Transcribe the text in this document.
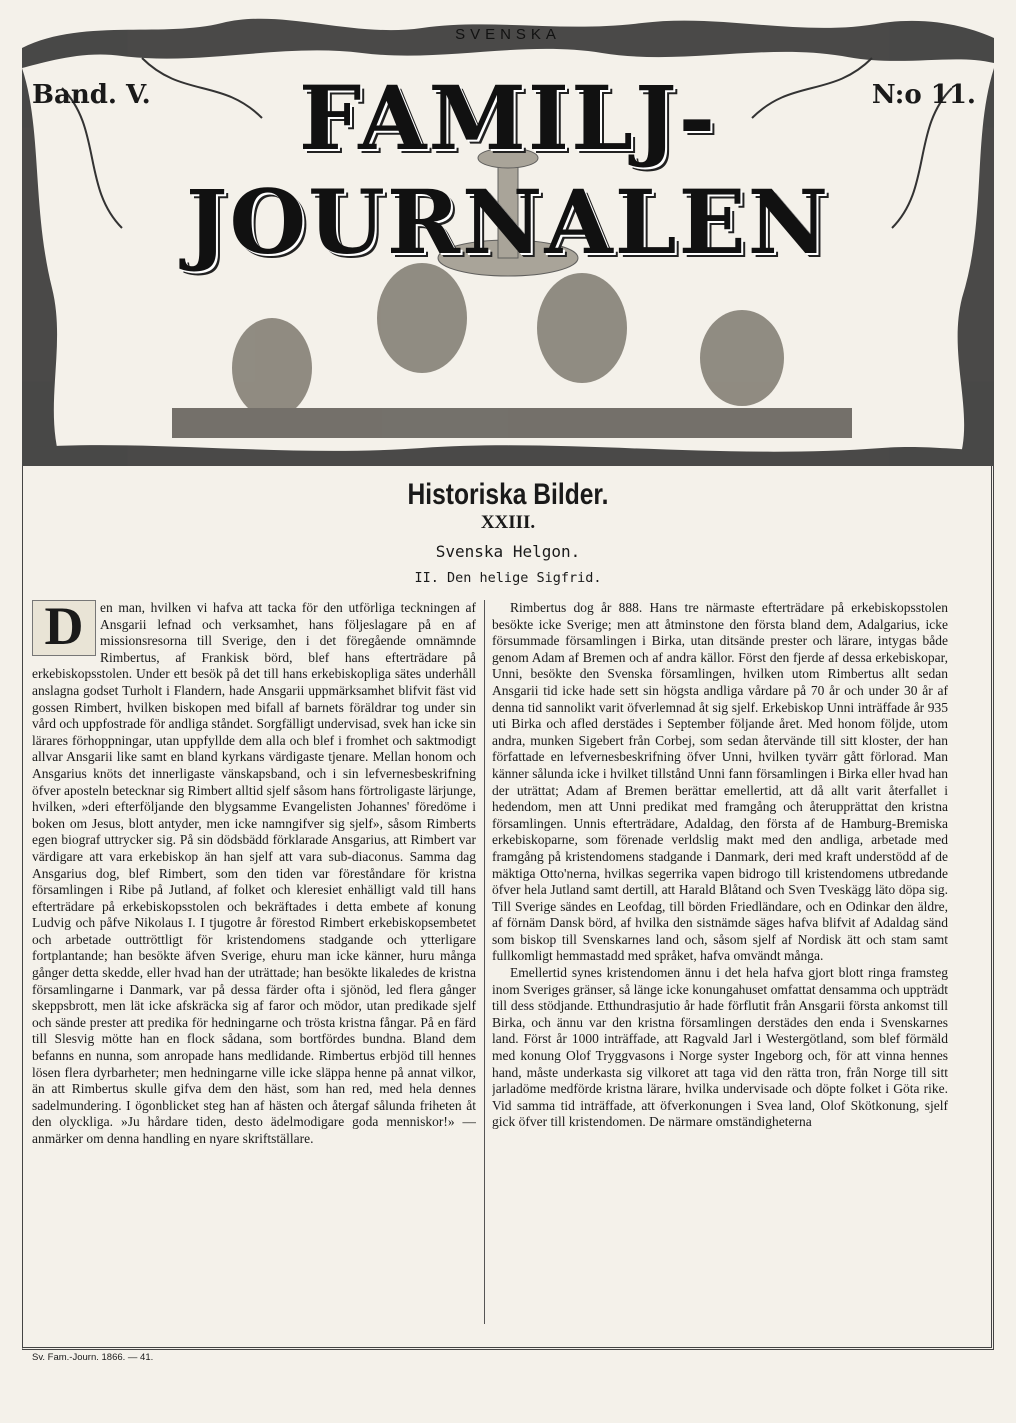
SVENSKA
FAMILJ-JOURNALEN
Band. V.	N:o 11.
Historiska Bilder.
XXIII.
Svenska Helgon.
II. Den helige Sigfrid.
D	en man, hvilken vi hafva att tacka för den utförliga teckningen af Ansgarii lefnad och verksamhet, hans följeslagare på en af missionsresorna till Sverige, den i det föregående omnämnde Rimbertus, af Frankisk börd, blef hans efterträdare på erkebiskopsstolen. Under ett besök på det till hans erkebiskopliga sätes underhåll anslagna godset Turholt i Flandern, hade Ansgarii uppmärksamhet blifvit fäst vid gossen Rimbert, hvilken biskopen med bifall af barnets föräldrar tog under sin vård och uppfostrade för andliga ståndet. Sorgfälligt undervisad, svek han icke sin lärares förhoppningar, utan uppfyllde dem alla och blef i fromhet och saktmodigt allvar Ansgarii like samt en bland kyrkans värdigaste tjenare. Mellan honom och Ansgarius knöts det innerligaste vänskapsband, och i sin lefvernesbeskrifning öfver aposteln betecknar sig Rimbert alltid sjelf såsom hans förtroligaste lärjunge, hvilken, »deri efterföljande den blygsamme Evangelisten Johannes' föredöme i boken om Jesus, blott antyder, men icke namngifver sig sjelf», såsom Rimberts egen biograf uttrycker sig. På sin dödsbädd förklarade Ansgarius, att Rimbert var värdigare att vara erkebiskop än han sjelf att vara sub-diaconus. Samma dag Ansgarius dog, blef Rimbert, som den tiden var föreståndare för kristna församlingen i Ribe på Jutland, af folket och kleresiet enhälligt vald till hans efterträdare på erkebiskopsstolen och bekräftades i detta embete af konung Ludvig och påfve Nikolaus I. I tjugotre år förestod Rimbert erkebiskopsembetet och arbetade outtröttligt för kristendomens stadgande och ytterligare fortplantande; han besökte äfven Sverige, ehuru man icke känner, huru många gånger detta skedde, eller hvad han der uträttade; han besökte likaledes de kristna församlingarne i Danmark, var på dessa färder ofta i sjönöd, led flera gånger skeppsbrott, men lät icke afskräcka sig af faror och mödor, utan predikade sjelf och sände prester att predika för hedningarne och trösta kristna fångar. På en färd till Slesvig mötte han en flock sådana, som bortfördes bundna. Bland dem befanns en nunna, som anropade hans medlidande. Rimbertus erbjöd till hennes lösen flera dyrbarheter; men hedningarne ville icke släppa henne på annat vilkor, än att Rimbertus skulle gifva dem den häst, som han red, med hela dennes sadelmundering. I ögonblicket steg han af hästen och återgaf sålunda friheten åt den olyckliga. »Ju hårdare tiden, desto ädelmodigare goda menniskor!» — anmärker om denna handling en nyare skriftställare.

Rimbertus dog år 888. Hans tre närmaste efterträdare på erkebiskopsstolen besökte icke Sverige; men att åtminstone den första bland dem, Adalgarius, icke försummade församlingen i Birka, utan ditsände prester och lärare, intygas både genom Adam af Bremen och af andra källor. Först den fjerde af dessa erkebiskopar, Unni, besökte den Svenska församlingen, hvilken utom Rimbertus allt sedan Ansgarii tid icke hade sett sin högsta andliga vårdare på 70 år och under 30 år af denna tid sannolikt varit öfverlemnad åt sig sjelf. Erkebiskop Unni inträffade år 935 uti Birka och afled derstädes i September följande året. Med honom följde, utom andra, munken Sigebert från Corbej, som sedan återvände till sitt kloster, der han författade en lefvernesbeskrifning öfver Unni, hvilken tyvärr gått förlorad. Man känner sålunda icke i hvilket tillstånd Unni fann församlingen i Birka eller hvad han der uträttat; Adam af Bremen berättar emellertid, att då allt varit återfallet i hedendom, men att Unni predikat med framgång och återupprättat den kristna församlingen. Unnis efterträdare, Adaldag, den första af de Hamburg-Bremiska erkebiskoparne, som förenade verldslig makt med den andliga, arbetade med framgång på kristendomens stadgande i Danmark, deri med kraft understödd af de mäktiga Otto'nerna, hvilkas segerrika vapen bidrogo till kristendomens utbredande öfver hela Jutland samt dertill, att Harald Blåtand och Sven Tveskägg läto döpa sig. Till Sverige sändes en Leofdag, till börden Friedländare, och en Odinkar den äldre, af förnäm Dansk börd, af hvilka den sistnämde säges hafva blifvit af Adaldag sänd som biskop till Svenskarnes land och, såsom sjelf af Nordisk ätt och stam samt fullkomligt hemmastadd med språket, hafva omvändt många.

Emellertid synes kristendomen ännu i det hela hafva gjort blott ringa framsteg inom Sveriges gränser, så länge icke konungahuset omfattat densamma och uppträdt till dess stödjande. Etthundrasjutio år hade förflutit från Ansgarii första ankomst till Birka, och ännu var den kristna församlingen derstädes den enda i Svenskarnes land. Först år 1000 inträffade, att Ragvald Jarl i Westergötland, som blef förmäld med konung Olof Tryggvasons i Norge syster Ingeborg och, för att vinna hennes hand, måste underkasta sig vilkoret att taga vid den rätta tron, från Norge till sitt jarladöme medförde kristna lärare, hvilka undervisade och döpte folket i Göta rike. Vid samma tid inträffade, att öfverkonungen i Svea land, Olof Skötkonung, sjelf gick öfver till kristendomen. De närmare omständigheterna

Sv. Fam.-Journ. 1866. — 41.
